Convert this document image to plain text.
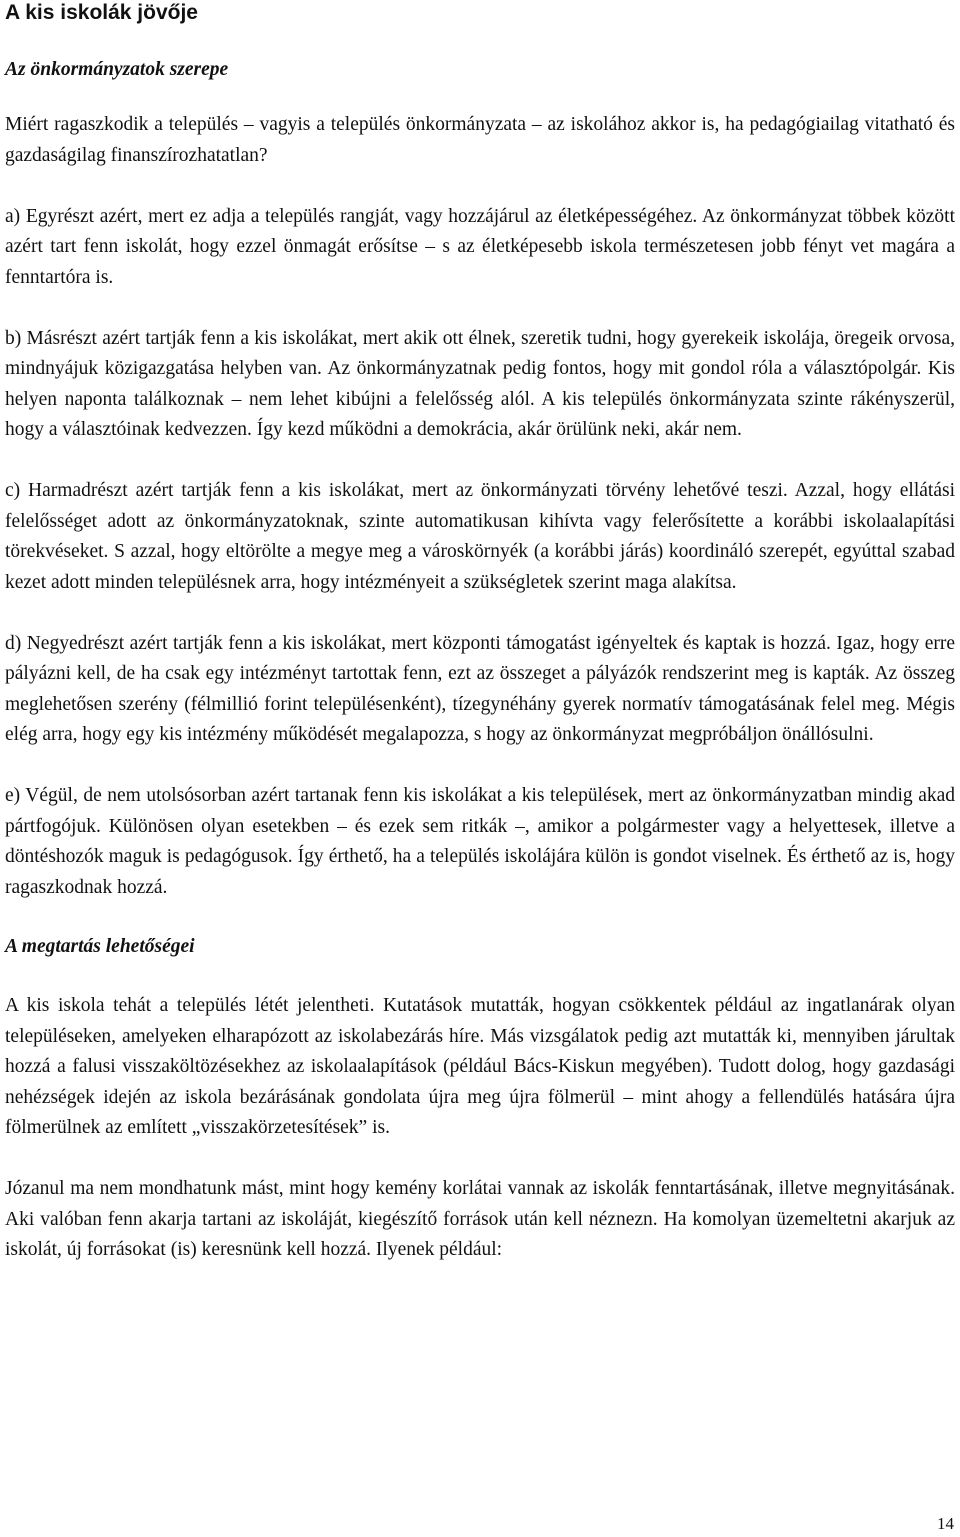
A kis iskolák jövője
Az önkormányzatok szerepe

Miért ragaszkodik a település – vagyis a település önkormányzata – az iskolához akkor is, ha pedagógiailag vitatható és gazdaságilag finanszírozhatatlan?

a) Egyrészt azért, mert ez adja a település rangját, vagy hozzájárul az életképességéhez. Az önkormányzat többek között azért tart fenn iskolát, hogy ezzel önmagát erősítse – s az életképesebb iskola természetesen jobb fényt vet magára a fenntartóra is.

b) Másrészt azért tartják fenn a kis iskolákat, mert akik ott élnek, szeretik tudni, hogy gyerekeik iskolája, öregeik orvosa, mindnyájuk közigazgatása helyben van. Az önkormányzatnak pedig fontos, hogy mit gondol róla a választópolgár. Kis helyen naponta találkoznak – nem lehet kibújni a felelősség alól. A kis település önkormányzata szinte rákényszerül, hogy a választóinak kedvezzen. Így kezd működni a demokrácia, akár örülünk neki, akár nem.

c) Harmadrészt azért tartják fenn a kis iskolákat, mert az önkormányzati törvény lehetővé teszi. Azzal, hogy ellátási felelősséget adott az önkormányzatoknak, szinte automatikusan kihívta vagy felerősítette a korábbi iskolaalapítási törekvéseket. S azzal, hogy eltörölte a megye meg a városkörnyék (a korábbi járás) koordináló szerepét, egyúttal szabad kezet adott minden településnek arra, hogy intézményeit a szükségletek szerint maga alakítsa.

d) Negyedrészt azért tartják fenn a kis iskolákat, mert központi támogatást igényeltek és kaptak is hozzá. Igaz, hogy erre pályázni kell, de ha csak egy intézményt tartottak fenn, ezt az összeget a pályázók rendszerint meg is kapták. Az összeg meglehetősen szerény (félmillió forint településenként), tízegynéhány gyerek normatív támogatásának felel meg. Mégis elég arra, hogy egy kis intézmény működését megalapozza, s hogy az önkormányzat megpróbáljon önállósulni.

e) Végül, de nem utolsósorban azért tartanak fenn kis iskolákat a kis települések, mert az önkormányzatban mindig akad pártfogójuk. Különösen olyan esetekben – és ezek sem ritkák –, amikor a polgármester vagy a helyettesek, illetve a döntéshozók maguk is pedagógusok. Így érthető, ha a település iskolájára külön is gondot viselnek. És érthető az is, hogy ragaszkodnak hozzá.

A megtartás lehetőségei

A kis iskola tehát a település létét jelentheti. Kutatások mutatták, hogyan csökkentek például az ingatlanárak olyan településeken, amelyeken elharapózott az iskolabezárás híre. Más vizsgálatok pedig azt mutatták ki, mennyiben járultak hozzá a falusi visszaköltözésekhez az iskolaalapítások (például Bács-Kiskun megyében). Tudott dolog, hogy gazdasági nehézségek idején az iskola bezárásának gondolata újra meg újra fölmerül – mint ahogy a fellendülés hatására újra fölmerülnek az említett „visszakörzetesítések” is.

Józanul ma nem mondhatunk mást, mint hogy kemény korlátai vannak az iskolák fenntartásának, illetve megnyitásának. Aki valóban fenn akarja tartani az iskoláját, kiegészítő források után kell néznezn. Ha komolyan üzemeltetni akarjuk az iskolát, új forrásokat (is) keresnünk kell hozzá. Ilyenek például:

14
